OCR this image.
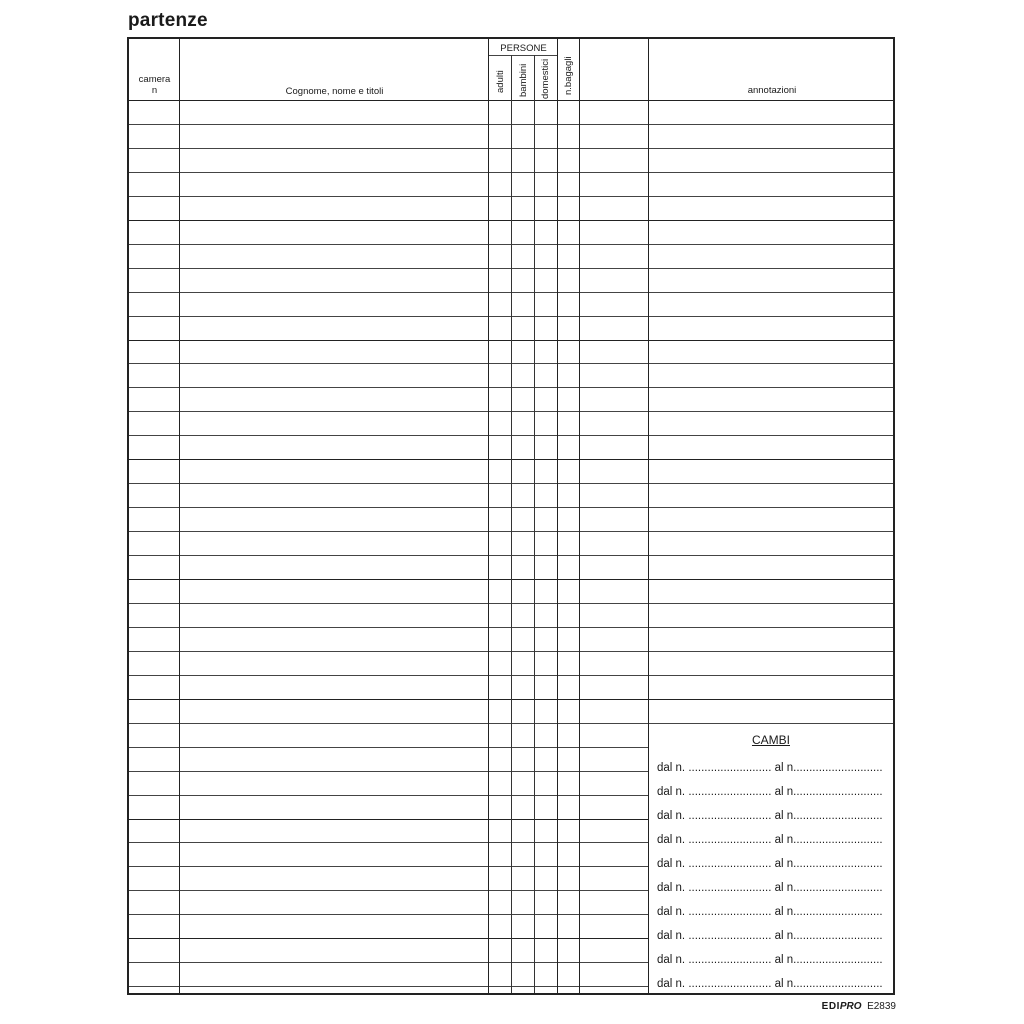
partenze
camera
n	Cognome, nome e titoli
PERSONE
adulti bambini domestici n.bagagli	annotazioni
CAMBI
dal n. .......................... al n............................
dal n. .......................... al n............................
dal n. .......................... al n............................
dal n. .......................... al n............................
dal n. .......................... al n............................
dal n. .......................... al n............................
dal n. .......................... al n............................
dal n. .......................... al n............................
dal n. .......................... al n............................
dal n. .......................... al n............................
EDIPRO E2839
